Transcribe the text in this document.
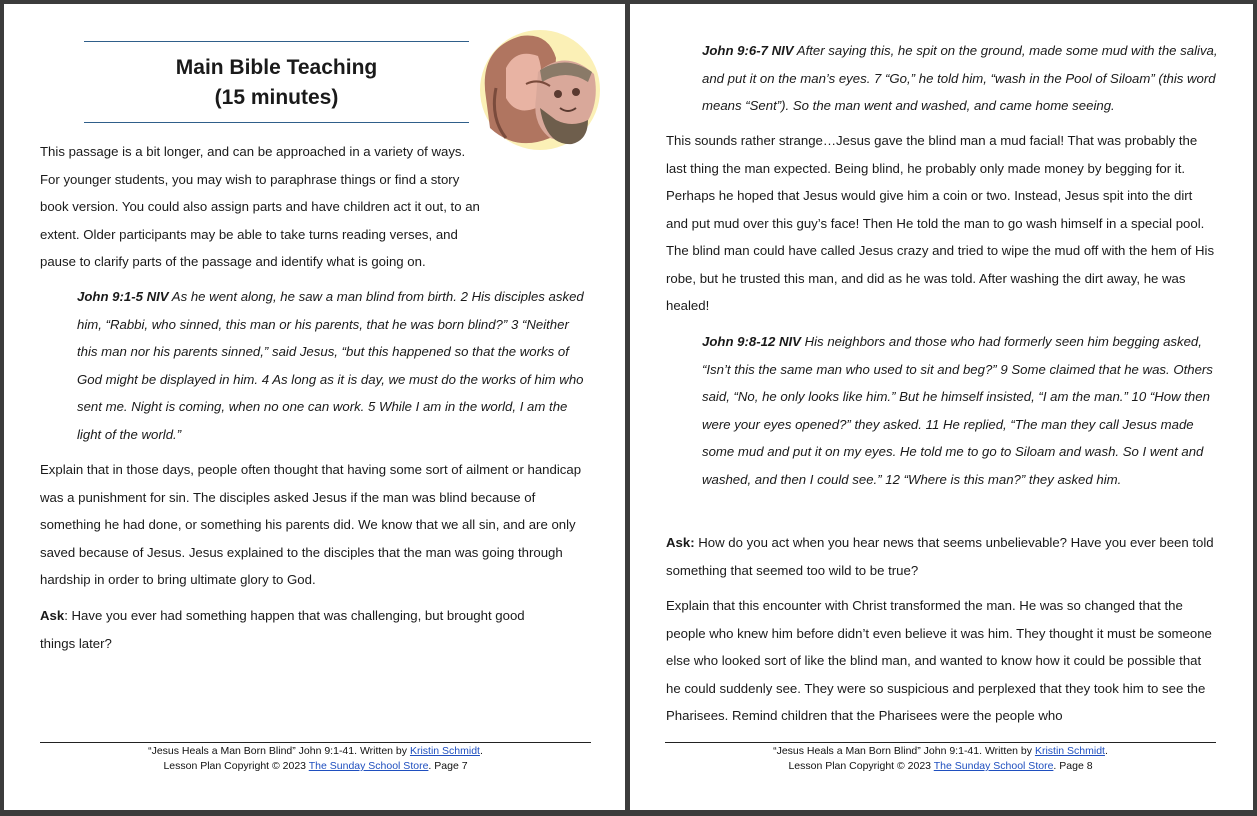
Main Bible Teaching
(15 minutes)

This passage is a bit longer, and can be approached in a variety of ways. For younger students, you may wish to paraphrase things or find a story book version. You could also assign parts and have children act it out, to an extent. Older participants may be able to take turns reading verses, and pause to clarify parts of the passage and identify what is going on.

John 9:1-5 NIV As he went along, he saw a man blind from birth. 2 His disciples asked him, “Rabbi, who sinned, this man or his parents, that he was born blind?” 3 “Neither this man nor his parents sinned,” said Jesus, “but this happened so that the works of God might be displayed in him. 4 As long as it is day, we must do the works of him who sent me. Night is coming, when no one can work. 5 While I am in the world, I am the light of the world.”

Explain that in those days, people often thought that having some sort of ailment or handicap was a punishment for sin. The disciples asked Jesus if the man was blind because of something he had done, or something his parents did. We know that we all sin, and are only saved because of Jesus. Jesus explained to the disciples that the man was going through hardship in order to bring ultimate glory to God.

Ask: Have you ever had something happen that was challenging, but brought good things later?

“Jesus Heals a Man Born Blind” John 9:1-41. Written by Kristin Schmidt.
Lesson Plan Copyright © 2023 The Sunday School Store. Page 7

John 9:6-7 NIV After saying this, he spit on the ground, made some mud with the saliva, and put it on the man’s eyes. 7 “Go,” he told him, “wash in the Pool of Siloam” (this word means “Sent”). So the man went and washed, and came home seeing.

This sounds rather strange…Jesus gave the blind man a mud facial! That was probably the last thing the man expected. Being blind, he probably only made money by begging for it. Perhaps he hoped that Jesus would give him a coin or two. Instead, Jesus spit into the dirt and put mud over this guy’s face! Then He told the man to go wash himself in a special pool. The blind man could have called Jesus crazy and tried to wipe the mud off with the hem of His robe, but he trusted this man, and did as he was told. After washing the dirt away, he was healed!

John 9:8-12 NIV His neighbors and those who had formerly seen him begging asked, “Isn’t this the same man who used to sit and beg?” 9 Some claimed that he was. Others said, “No, he only looks like him.” But he himself insisted, “I am the man.” 10 “How then were your eyes opened?” they asked. 11 He replied, “The man they call Jesus made some mud and put it on my eyes. He told me to go to Siloam and wash. So I went and washed, and then I could see.” 12 “Where is this man?” they asked him.

Ask: How do you act when you hear news that seems unbelievable? Have you ever been told something that seemed too wild to be true?

Explain that this encounter with Christ transformed the man. He was so changed that the people who knew him before didn’t even believe it was him. They thought it must be someone else who looked sort of like the blind man, and wanted to know how it could be possible that he could suddenly see. They were so suspicious and perplexed that they took him to see the Pharisees. Remind children that the Pharisees were the people who

“Jesus Heals a Man Born Blind” John 9:1-41. Written by Kristin Schmidt.
Lesson Plan Copyright © 2023 The Sunday School Store. Page 8
